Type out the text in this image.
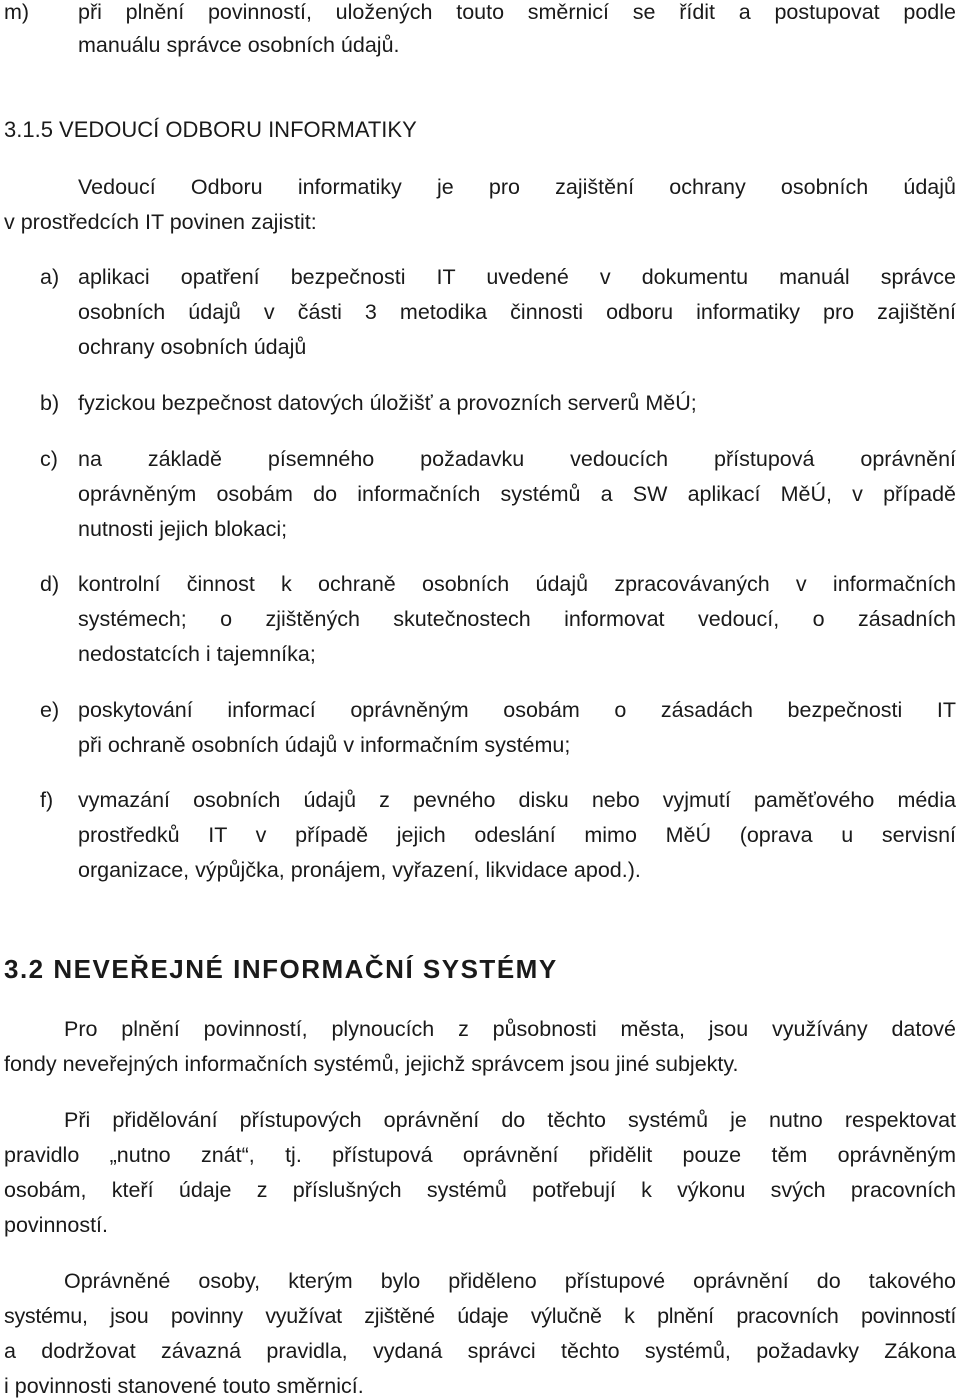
m) při plnění povinností, uložených touto směrnicí se řídit a postupovat podle
manuálu správce osobních údajů.
3.1.5 VEDOUCÍ ODBORU INFORMATIKY
Vedoucí Odboru informatiky je pro zajištění ochrany osobních údajů
v prostředcích IT povinen zajistit:
a) aplikaci opatření bezpečnosti IT uvedené v dokumentu manuál správce
osobních údajů v části 3 metodika činnosti odboru informatiky pro zajištění
ochrany osobních údajů
b) fyzickou bezpečnost datových úložišť a provozních serverů MěÚ;
c) na základě písemného požadavku vedoucích přístupová oprávnění
oprávněným osobám do informačních systémů a SW aplikací MěÚ, v případě
nutnosti jejich blokaci;
d) kontrolní činnost k ochraně osobních údajů zpracovávaných v informačních
systémech; o zjištěných skutečnostech informovat vedoucí, o zásadních
nedostatcích i tajemníka;
e) poskytování informací oprávněným osobám o zásadách bezpečnosti IT
při ochraně osobních údajů v informačním systému;
f) vymazání osobních údajů z pevného disku nebo vyjmutí paměťového média
prostředků IT v případě jejich odeslání mimo MěÚ (oprava u servisní
organizace, výpůjčka, pronájem, vyřazení, likvidace apod.).
3.2 NEVEŘEJNÉ INFORMAČNÍ SYSTÉMY
Pro plnění povinností, plynoucích z působnosti města, jsou využívány datové
fondy neveřejných informačních systémů, jejichž správcem jsou jiné subjekty.
Při přidělování přístupových oprávnění do těchto systémů je nutno respektovat
pravidlo „nutno znát“, tj. přístupová oprávnění přidělit pouze těm oprávněným
osobám, kteří údaje z příslušných systémů potřebují k výkonu svých pracovních
povinností.
Oprávněné osoby, kterým bylo přiděleno přístupové oprávnění do takového
systému, jsou povinny využívat zjištěné údaje výlučně k plnění pracovních povinností
a dodržovat závazná pravidla, vydaná správci těchto systémů, požadavky Zákona
i povinnosti stanovené touto směrnicí.
